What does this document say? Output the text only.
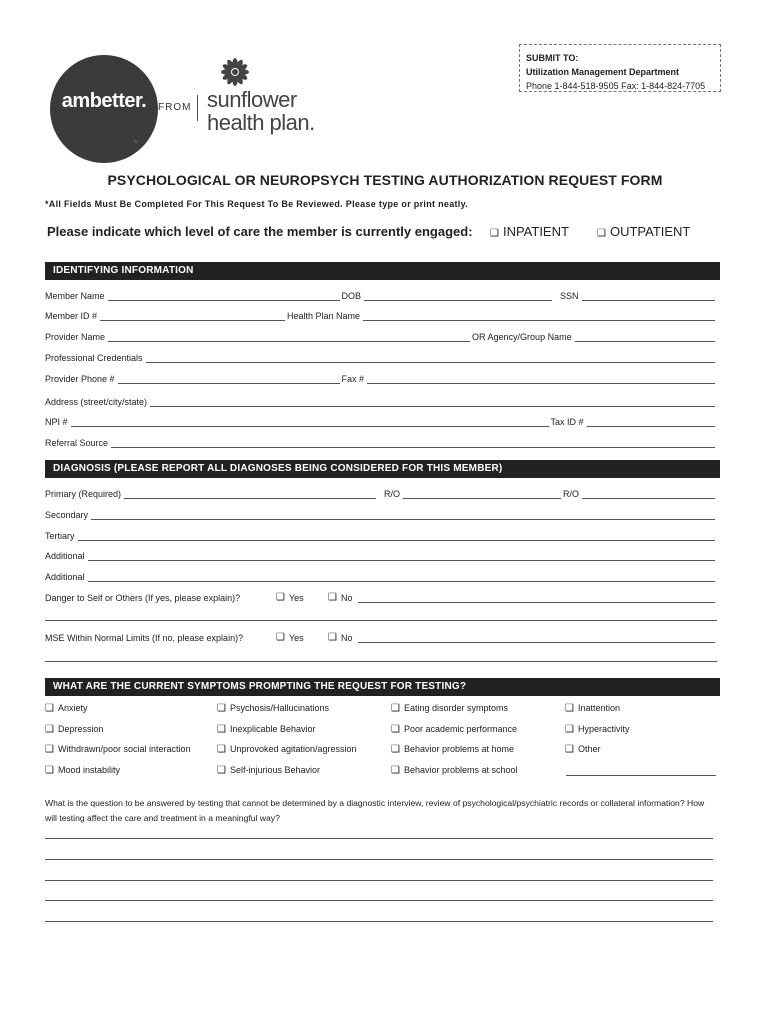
ambetter.
™
FROM sunflower
health plan.
SUBMIT TO:
Utilization Management Department
Phone 1-844-518-9505 Fax: 1-844-824-7705
PSYCHOLOGICAL OR NEUROPSYCH TESTING AUTHORIZATION REQUEST FORM
*All Fields Must Be Completed For This Request To Be Reviewed. Please type or print neatly.
Please indicate which level of care the member is currently engaged: ❑ INPATIENT	❑ OUTPATIENT
IDENTIFYING INFORMATION
Member Name	DOB	SSN
Member ID #	Health Plan Name
Provider Name	OR Agency/Group Name
Professional Credentials
Provider Phone #	Fax #
Address (street/city/state)
NPI #	Tax ID #
Referral Source
DIAGNOSIS (PLEASE REPORT ALL DIAGNOSES BEING CONSIDERED FOR THIS MEMBER)
Primary (Required)	R/O	R/O
Secondary
Tertiary
Additional
Additional
Danger to Self or Others (If yes, please explain)?	❑ Yes ❑ No
MSE Within Normal Limits (If no, please explain)?	❑ Yes ❑ No
WHAT ARE THE CURRENT SYMPTOMS PROMPTING THE REQUEST FOR TESTING?
❑ Anxiety	❑ Psychosis/Hallucinations	❑ Eating disorder symptoms	❑ Inattention
❑ Depression	❑ Inexplicable Behavior	❑ Poor academic performance	❑ Hyperactivity
❑ Withdrawn/poor social interaction	❑ Unprovoked agitation/agression	❑ Behavior problems at home	❑ Other
❑ Mood instability	❑ Self-injurious Behavior	❑ Behavior problems at school
What is the question to be answered by testing that cannot be determined by a diagnostic interview, review of psychological/psychiatric records or collateral information? How will testing affect the care and treatment in a meaningful way?
